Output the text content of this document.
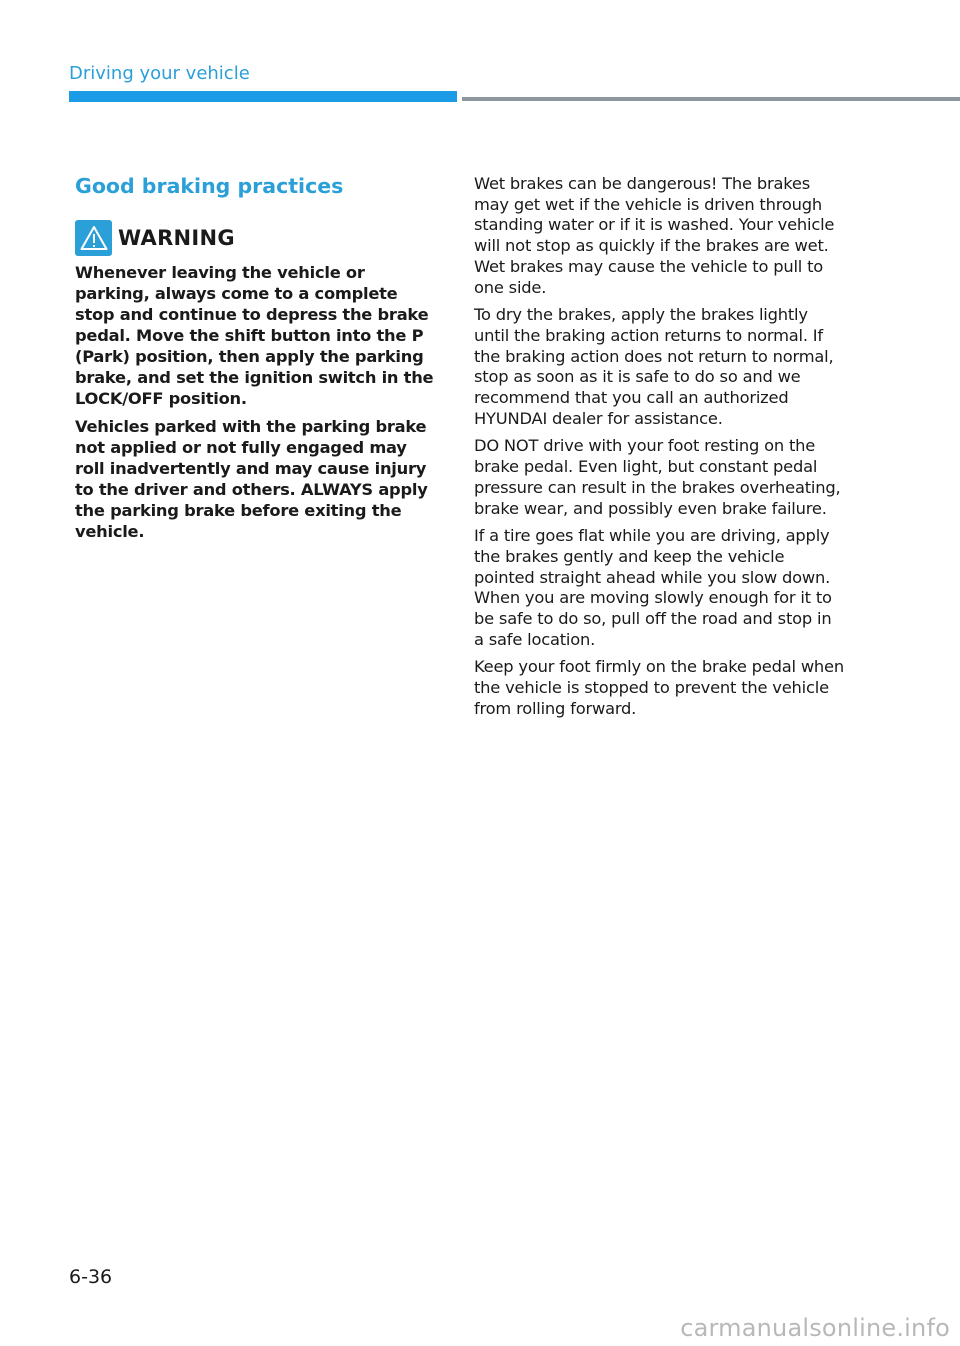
Driving your vehicle
Good braking practices
WARNING

Whenever leaving the vehicle or parking, always come to a complete stop and continue to depress the brake pedal. Move the shift button into the P (Park) position, then apply the parking brake, and set the ignition switch in the LOCK/OFF position.

Vehicles parked with the parking brake not applied or not fully engaged may roll inadvertently and may cause injury to the driver and others. ALWAYS apply the parking brake before exiting the vehicle.

Wet brakes can be dangerous! The brakes may get wet if the vehicle is driven through standing water or if it is washed. Your vehicle will not stop as quickly if the brakes are wet. Wet brakes may cause the vehicle to pull to one side.

To dry the brakes, apply the brakes lightly until the braking action returns to normal. If the braking action does not return to normal, stop as soon as it is safe to do so and we recommend that you call an authorized HYUNDAI dealer for assistance.

DO NOT drive with your foot resting on the brake pedal. Even light, but constant pedal pressure can result in the brakes overheating, brake wear, and possibly even brake failure.

If a tire goes flat while you are driving, apply the brakes gently and keep the vehicle pointed straight ahead while you slow down. When you are moving slowly enough for it to be safe to do so, pull off the road and stop in a safe location.

Keep your foot firmly on the brake pedal when the vehicle is stopped to prevent the vehicle from rolling forward.

6-36
carmanualsonline.info
